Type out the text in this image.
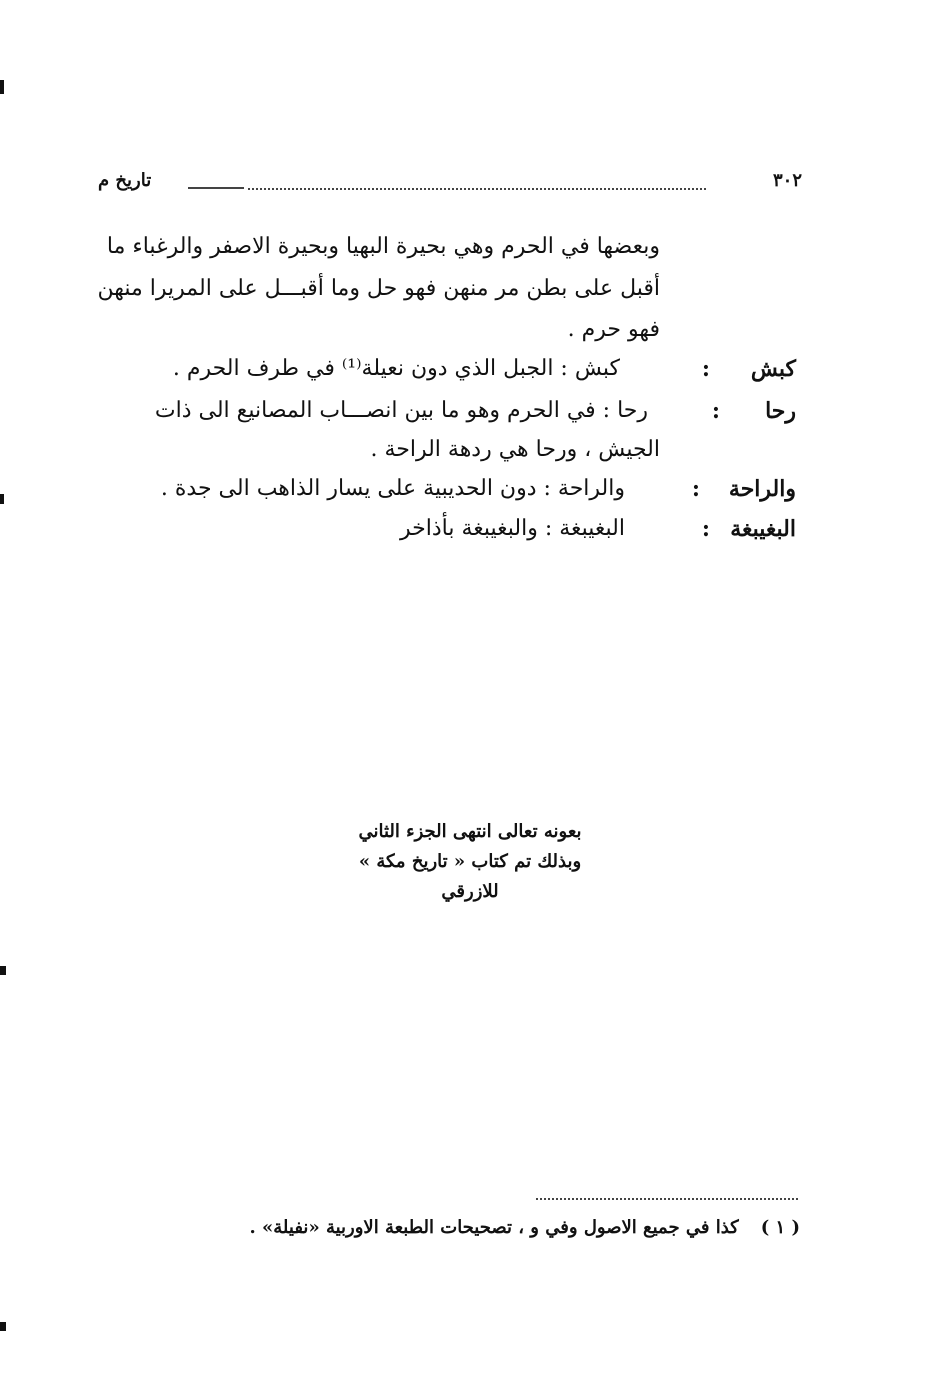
٣٠٢
تاريخ م
وبعضها في الحرم وهي بحيرة البهيا وبحيرة الاصفر والرغباء ما
أقبل على بطن مر منهن فهو حل وما أقبـــل على المريرا منهن
فهو حرم .
كبش
:
كبش : الجبل الذي دون نعيلة⁽¹⁾ في طرف الحرم .
رحا
:
رحا : في الحرم وهو ما بين انصـــاب المصانيع الى ذات
الجيش ، ورحا هي ردهة الراحة .
والراحة
:
والراحة : دون الحديبية على يسار الذاهب الى جدة .
البغيبغة
:
البغيبغة : والبغيبغة بأذاخر
بعونه تعالى انتهى الجزء الثاني
وبذلك تم كتاب « تاريخ مكة »
للازرقي
( ١ )كذا في جميع الاصول وفي و ، تصحيحات الطبعة الاوربية «نفيلة» .
